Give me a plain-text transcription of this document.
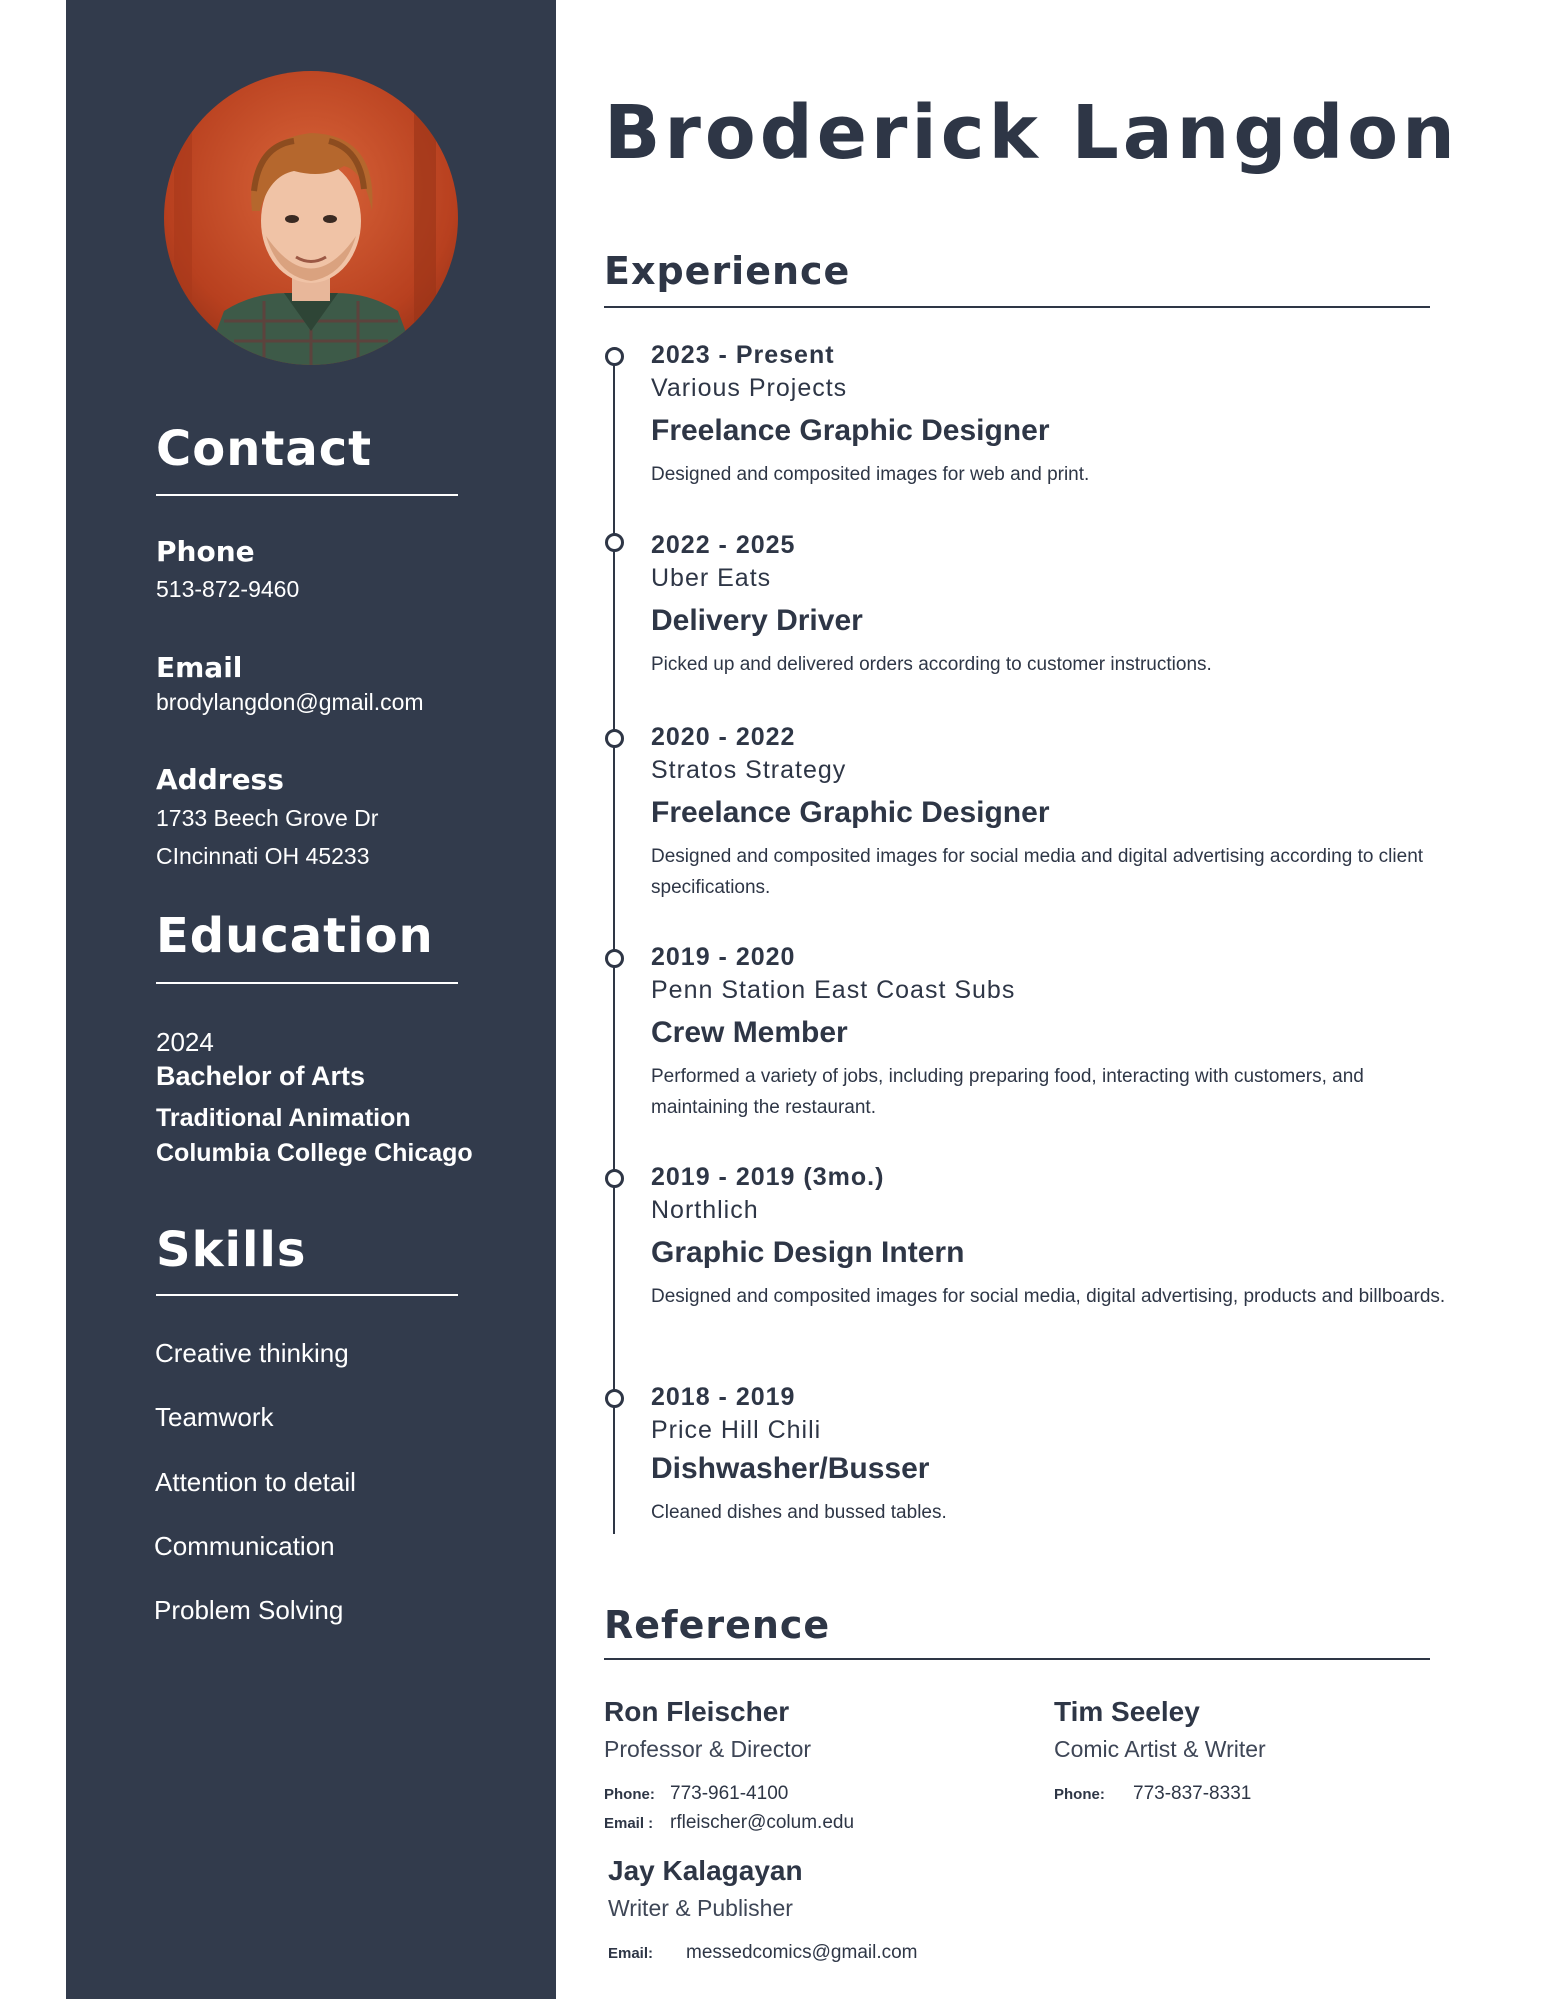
Contact
Phone
513-872-9460
Email
brodylangdon@gmail.com
Address
1733 Beech Grove Dr
CIncinnati OH 45233
Education
2024
Bachelor of Arts
Traditional Animation
Columbia College Chicago
Skills
Creative thinking
Teamwork
Attention to detail
Communication
Problem Solving
Broderick Langdon
Experience

2023 - Present

Various Projects

Freelance Graphic Designer

Designed and composited images for web and print.

2022 - 2025

Uber Eats

Delivery Driver

Picked up and delivered orders according to customer instructions.

2020 - 2022

Stratos Strategy

Freelance Graphic Designer

Designed and composited images for social media and digital advertising according to client specifications.

2019 - 2020

Penn Station East Coast Subs

Crew Member

Performed a variety of jobs, including preparing food, interacting with customers, and maintaining the restaurant.

2019 - 2019 (3mo.)

Northlich

Graphic Design Intern

Designed and composited images for social media, digital advertising, products and billboards.

2018 - 2019

Price Hill Chili

Dishwasher/Busser

Cleaned dishes and bussed tables.

Reference

Ron Fleischer

Professor & Director

Phone: 773-961-4100

Email : rfleischer@colum.edu

Tim Seeley

Comic Artist & Writer

Phone: 773-837-8331

Jay Kalagayan

Writer & Publisher

Email: messedcomics@gmail.com
